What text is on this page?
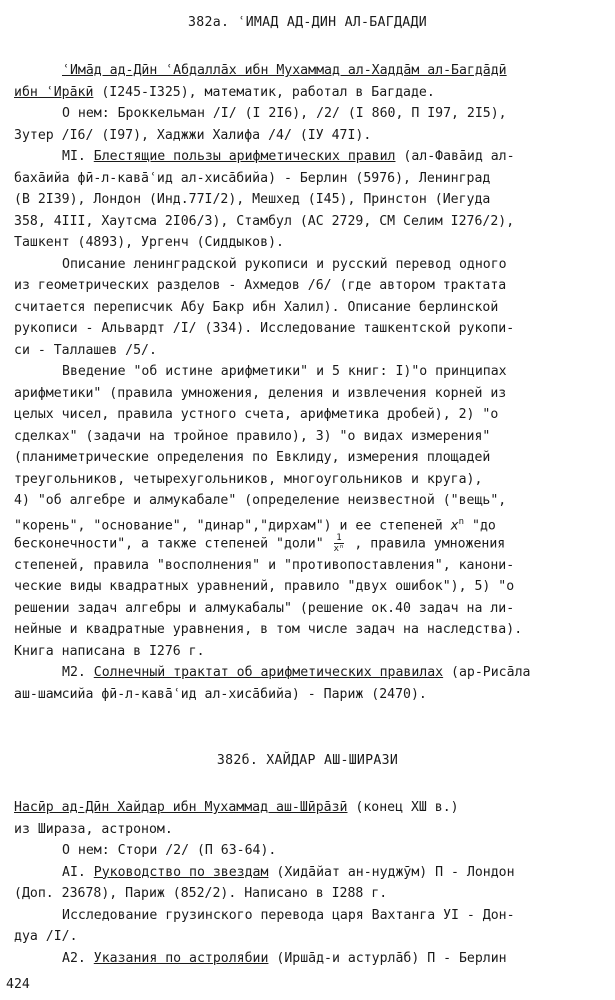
382а. ʿИМАД АД-ДИН АЛ-БАГДАДИ
ʿИмāд ад-Дӣн ʿАбдаллāх ибн Мухаммад ал-Хаддāм ал-Багдāдӣ
ибн ʿИрāкӣ (I245-I325), математик, работал в Багдаде.
О нем: Броккельман /I/ (I 2I6), /2/ (I 860, П I97, 2I5),
Зутер /I6/ (I97), Хаджжи Халифа /4/ (IУ 47I).
МI. Блестящие пользы арифметических правил (ал-Фавāид ал-
бахāийа фӣ-л-кавāʿид ал-хисāбийа) - Берлин (5976), Ленинград
(В 2I39), Лондон (Инд.77I/2), Мешхед (I45), Принстон (Иегуда
358, 4III, Хаутсма 2I06/3), Стамбул (АС 2729, СМ Селим I276/2),
Ташкент (4893), Ургенч (Сиддыков).
Описание ленинградской рукописи и русский перевод одного
из геометрических разделов - Ахмедов /6/ (где автором трактата
считается переписчик Абу Бакр ибн Халил). Описание берлинской
рукописи - Альвардт /I/ (334). Исследование ташкентской рукопи-
си - Таллашев /5/.
Введение "об истине арифметики" и 5 книг: I)"о принципах
арифметики" (правила умножения, деления и извлечения корней из
целых чисел, правила устного счета, арифметика дробей), 2) "о
сделках" (задачи на тройное правило), 3) "о видах измерения"
(планиметрические определения по Евклиду, измерения площадей
треугольников, четырехугольников, многоугольников и круга),
4) "об алгебре и алмукабале" (определение неизвестной ("вещь",
"корень", "основание", "динар","дирхам") и ее степеней $x^n$ "до
бесконечности", а также степеней "доли" $\frac{1}{\text{xⁿ}}$ , правила умножения
степеней, правила "восполнения" и "противопоставления", канони-
ческие виды квадратных уравнений, правило "двух ошибок"), 5) "о
решении задач алгебры и алмукабалы" (решение ок.40 задач на ли-
нейные и квадратные уравнения, в том числе задач на наследства).
Книга написана в I276 г.
М2. Солнечный трактат об арифметических правилах (ар-Рисāла
аш-шамсийа фӣ-л-кавāʿид ал-хисāбийа) - Париж (2470).
382б. ХАЙДАР АШ-ШИРАЗИ
Насӣр ад-Дӣн Хайдар ибн Мухаммад аш-Шӣрāзӣ (конец XШ в.)
из Шираза, астроном.
О нем: Стори /2/ (П 63-64).
АI. Руководство по звездам (Хидāйат ан-нуджӯм) П - Лондон
(Доп. 23678), Париж (852/2). Написано в I288 г.
Исследование грузинского перевода царя Вахтанга УI - Дон-
дуа /I/.
А2. Указания по астролябии (Иршāд-и астурлāб) П - Берлин
424
